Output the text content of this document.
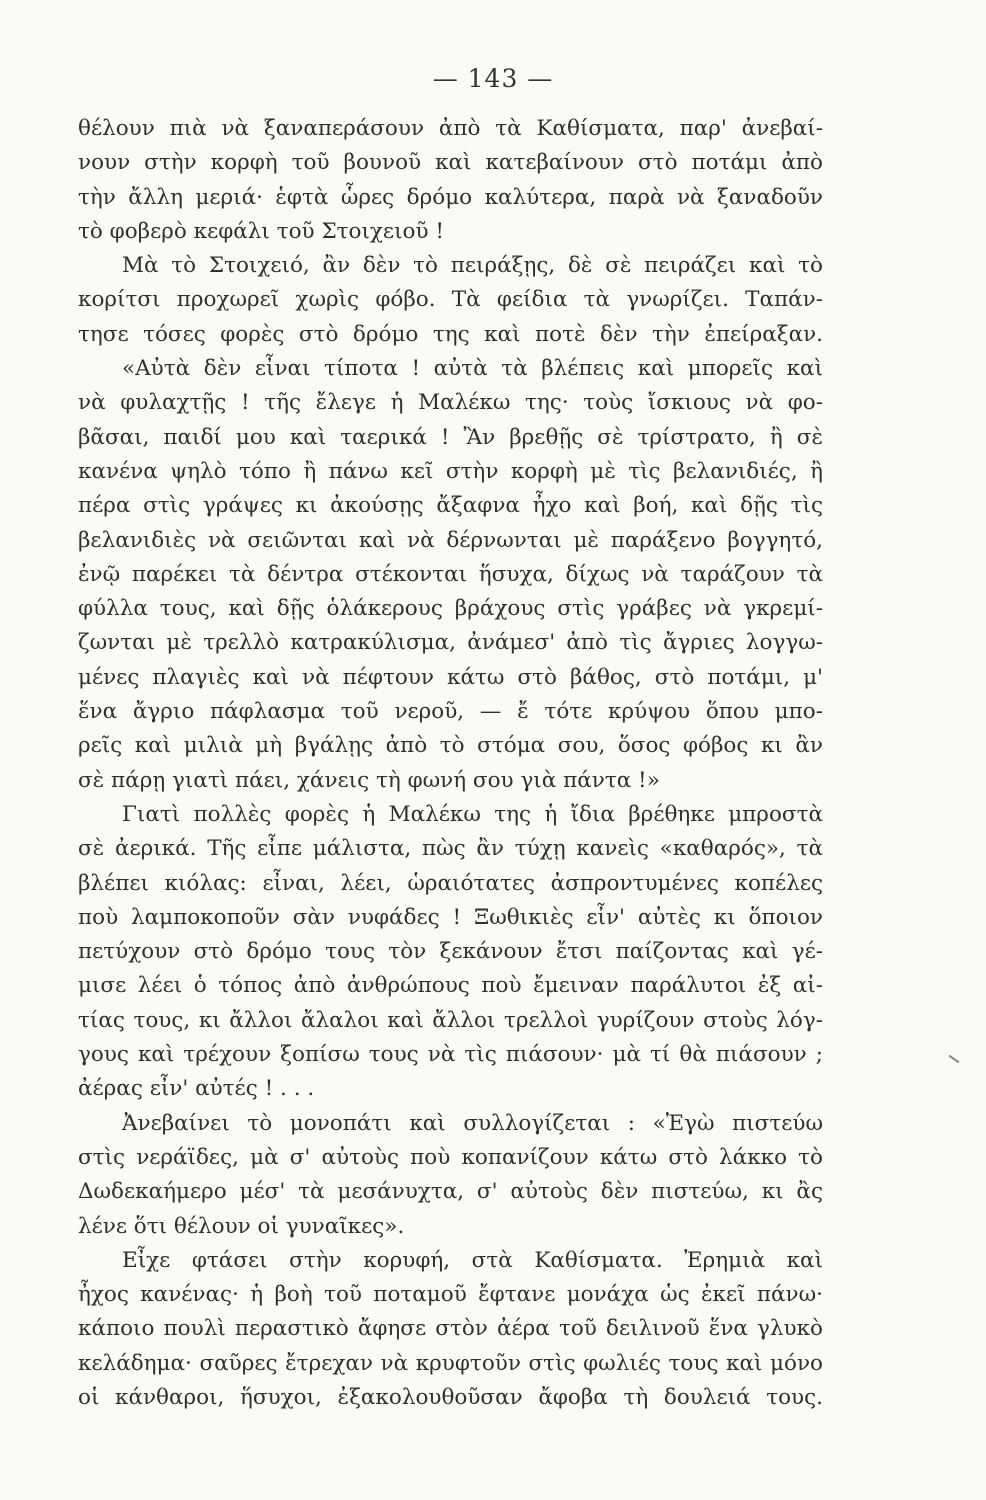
— 143 —
θέλουν πιὰ νὰ ξαναπεράσουν ἀπὸ τὰ Καθίσματα, παρ' ἀνεβαί-
νουν στὴν κορφὴ τοῦ βουνοῦ καὶ κατεβαίνουν στὸ ποτάμι ἀπὸ
τὴν ἄλλη μεριά· ἑφτὰ ὧρες δρόμο καλύτερα, παρὰ νὰ ξαναδοῦν
τὸ φοβερὸ κεφάλι τοῦ Στοιχειοῦ !
Μὰ τὸ Στοιχειό, ἂν δὲν τὸ πειράξῃς, δὲ σὲ πειράζει καὶ τὸ
κορίτσι προχωρεῖ χωρὶς φόβο. Τὰ φείδια τὰ γνωρίζει. Ταπάν-
τησε τόσες φορὲς στὸ δρόμο της καὶ ποτὲ δὲν τὴν ἐπείραξαν.
«Αὐτὰ δὲν εἶναι τίποτα ! αὐτὰ τὰ βλέπεις καὶ μπορεῖς καὶ
νὰ φυλαχτῇς ! τῆς ἔλεγε ἡ Μαλέκω της· τοὺς ἴσκιους νὰ φο-
βᾶσαι, παιδί μου καὶ ταερικά ! Ἂν βρεθῇς σὲ τρίστρατο, ἢ σὲ
κανένα ψηλὸ τόπο ἢ πάνω κεῖ στὴν κορφὴ μὲ τὶς βελανιδιές, ἢ
πέρα στὶς γράψες κι ἀκούσῃς ἄξαφνα ἦχο καὶ βοή, καὶ δῇς τὶς
βελανιδιὲς νὰ σειῶνται καὶ νὰ δέρνωνται μὲ παράξενο βογγητό,
ἐνῷ παρέκει τὰ δέντρα στέκονται ἥσυχα, δίχως νὰ ταράζουν τὰ
φύλλα τους, καὶ δῇς ὁλάκερους βράχους στὶς γράβες νὰ γκρεμί-
ζωνται μὲ τρελλὸ κατρακύλισμα, ἀνάμεσ' ἀπὸ τὶς ἄγριες λογγω-
μένες πλαγιὲς καὶ νὰ πέφτουν κάτω στὸ βάθος, στὸ ποτάμι, μ'
ἕνα ἄγριο πάφλασμα τοῦ νεροῦ, — ἔ τότε κρύψου ὅπου μπο-
ρεῖς καὶ μιλιὰ μὴ βγάλῃς ἀπὸ τὸ στόμα σου, ὅσος φόβος κι ἂν
σὲ πάρῃ γιατὶ πάει, χάνεις τὴ φωνή σου γιὰ πάντα !»
Γιατὶ πολλὲς φορὲς ἡ Μαλέκω της ἡ ἴδια βρέθηκε μπροστὰ
σὲ ἀερικά. Τῆς εἶπε μάλιστα, πὼς ἂν τύχῃ κανεὶς «καθαρός», τὰ
βλέπει κιόλας: εἶναι, λέει, ὡραιότατες ἀσπροντυμένες κοπέλες
ποὺ λαμποκοποῦν σὰν νυφάδες ! Ξωθικιὲς εἶν' αὐτὲς κι ὅποιον
πετύχουν στὸ δρόμο τους τὸν ξεκάνουν ἔτσι παίζοντας καὶ γέ-
μισε λέει ὁ τόπος ἀπὸ ἀνθρώπους ποὺ ἔμειναν παράλυτοι ἐξ αἰ-
τίας τους, κι ἄλλοι ἄλαλοι καὶ ἄλλοι τρελλοὶ γυρίζουν στοὺς λόγ-
γους καὶ τρέχουν ξοπίσω τους νὰ τὶς πιάσουν· μὰ τί θὰ πιάσουν ;
ἀέρας εἶν' αὐτές ! . . .
Ἀνεβαίνει τὸ μονοπάτι καὶ συλλογίζεται : «Ἐγὼ πιστεύω
στὶς νεράϊδες, μὰ σ' αὐτοὺς ποὺ κοπανίζουν κάτω στὸ λάκκο τὸ
Δωδεκαήμερο μέσ' τὰ μεσάνυχτα, σ' αὐτοὺς δὲν πιστεύω, κι ἂς
λένε ὅτι θέλουν οἱ γυναῖκες».
Εἶχε φτάσει στὴν κορυφή, στὰ Καθίσματα. Ἐρημιὰ καὶ
ἦχος κανένας· ἡ βοὴ τοῦ ποταμοῦ ἔφτανε μονάχα ὡς ἐκεῖ πάνω·
κάποιο πουλὶ περαστικὸ ἄφησε στὸν ἀέρα τοῦ δειλινοῦ ἕνα γλυκὸ
κελάδημα· σαῦρες ἔτρεχαν νὰ κρυφτοῦν στὶς φωλιές τους καὶ μόνο
οἱ κάνθαροι, ἥσυχοι, ἐξακολουθοῦσαν ἄφοβα τὴ δουλειά τους.
